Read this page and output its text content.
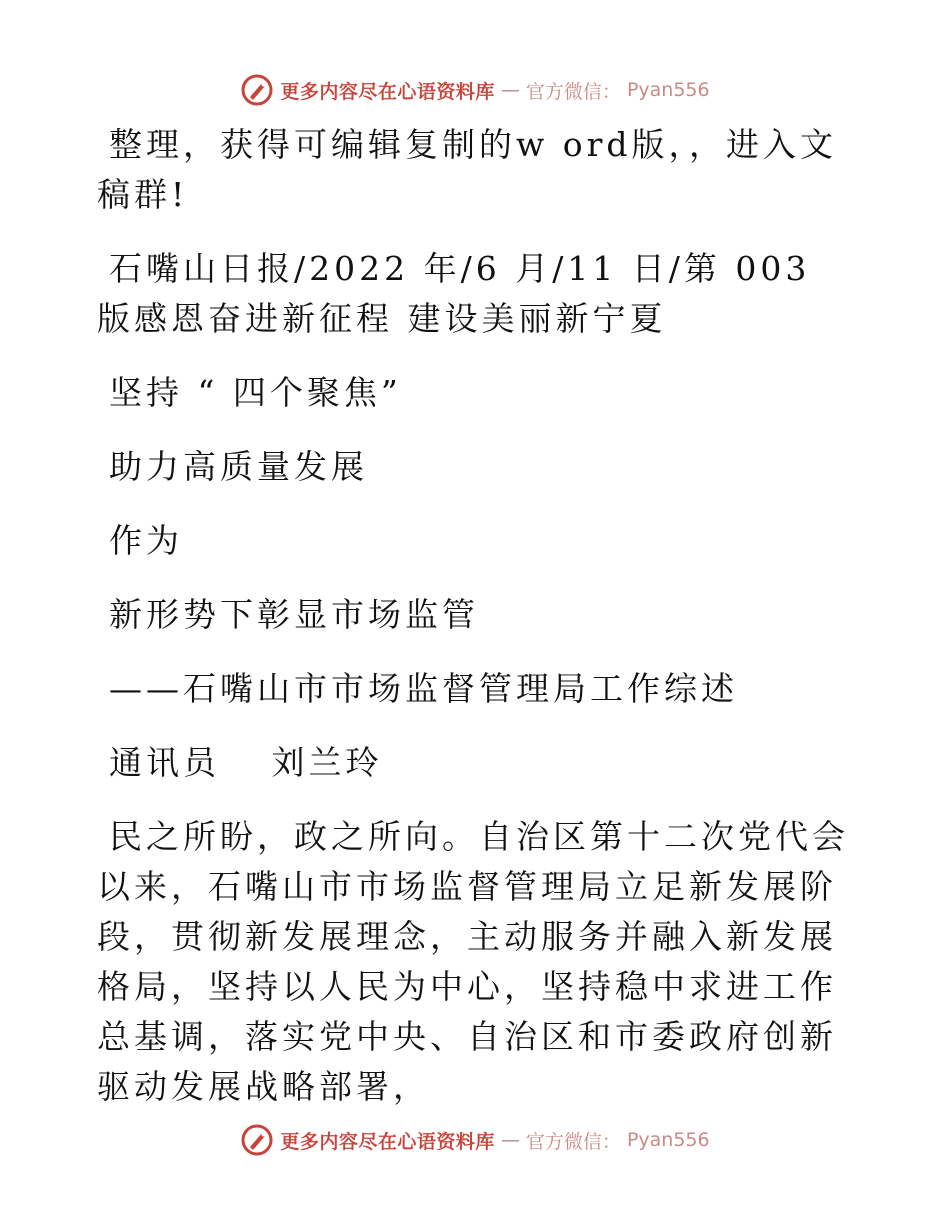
更多内容尽在心语资料库 — 官方微信： Pyan556

整理，获得可编辑复制的w ord版，，进入文稿群!

石嘴山日报/2022 年/6 月/11 日/第 003 版感恩奋进新征程 建设美丽新宁夏

坚持 “ 四个聚焦”

助力高质量发展

作为

新形势下彰显市场监管

——石嘴山市市场监督管理局工作综述

通讯员　 刘兰玲

民之所盼，政之所向。自治区第十二次党代会以来，石嘴山市市场监督管理局立足新发展阶段，贯彻新发展理念，主动服务并融入新发展格局，坚持以人民为中心，坚持稳中求进工作总基调，落实党中央、自治区和市委政府创新驱动发展战略部署，

更多内容尽在心语资料库 — 官方微信： Pyan556
